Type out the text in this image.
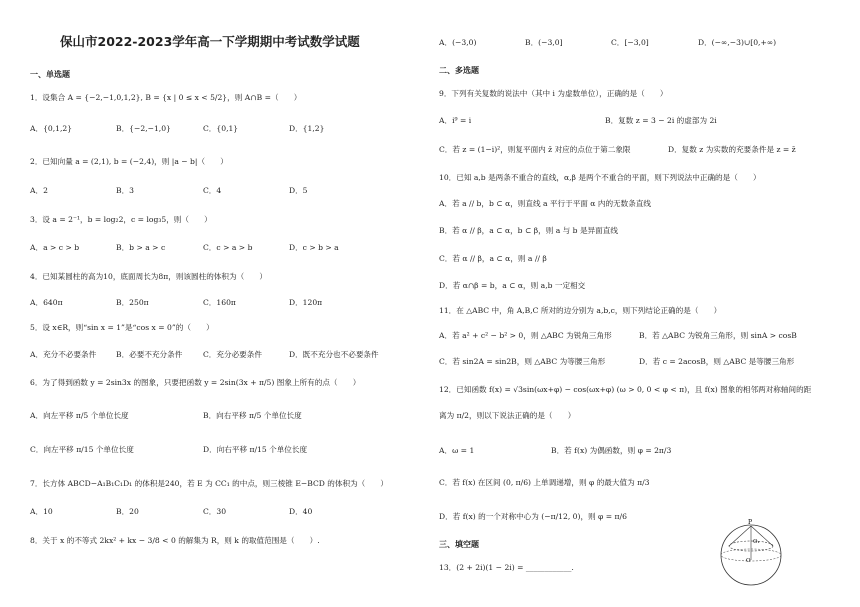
保山市2022-2023学年高一下学期期中考试数学试题
一、单选题
1．设集合 A = {−2,−1,0,1,2}, B = {x | 0 ≤ x < 5/2}，则 A∩B =（　　）
A．{0,1,2}	B．{−2,−1,0}	C．{0,1}	D．{1,2}
2．已知向量 a = (2,1), b = (−2,4)，则 |a − b|（　　）
A．2	B．3	C．4	D．5
3．设 a = 2⁻¹，b = log₂2，c = log₃5，则（　　）
A．a > c > b	B．b > a > c	C．c > a > b	D．c > b > a
4．已知某圆柱的高为10，底面周长为8π，则该圆柱的体积为（　　）
A．640π	B．250π	C．160π	D．120π
5．设 x∈R，则“sin x = 1”是“cos x = 0”的（　　）
A．充分不必要条件	B．必要不充分条件	C．充分必要条件	D．既不充分也不必要条件
6．为了得到函数 y = 2sin3x 的图象，只要把函数 y = 2sin(3x + π/5) 图象上所有的点（　　）
A．向左平移 π/5 个单位长度	B．向右平移 π/5 个单位长度
C．向左平移 π/15 个单位长度	D．向右平移 π/15 个单位长度
7．长方体 ABCD−A₁B₁C₁D₁ 的体积是240，若 E 为 CC₁ 的中点，则三棱锥 E−BCD 的体积为（　　）
A．10	B．20	C．30	D．40
8．关于 x 的不等式 2kx² + kx − 3/8 < 0 的解集为 R，则 k 的取值范围是（　　）.
A．(−3,0)	B．(−3,0]	C．[−3,0]	D．(−∞,−3)∪[0,+∞)
二、多选题
9．下列有关复数的说法中（其中 i 为虚数单位），正确的是（　　）
A．i⁹ = i	B．复数 z = 3 − 2i 的虚部为 2i
C．若 z = (1−i)²，则复平面内 z̄ 对应的点位于第二象限	D．复数 z 为实数的充要条件是 z = z̄
10．已知 a,b 是两条不重合的直线，α,β 是两个不重合的平面，则下列说法中正确的是（　　）
A．若 a // b，b ⊂ α，则直线 a 平行于平面 α 内的无数条直线
B．若 α // β，a ⊂ α，b ⊂ β，则 a 与 b 是异面直线
C．若 α // β，a ⊂ α，则 a // β
D．若 α∩β = b，a ⊂ α，则 a,b 一定相交
11．在 △ABC 中，角 A,B,C 所对的边分别为 a,b,c，则下列结论正确的是（　　）
A．若 a² + c² − b² > 0，则 △ABC 为锐角三角形	B．若 △ABC 为锐角三角形，则 sinA > cosB
C．若 sin2A = sin2B，则 △ABC 为等腰三角形	D．若 c = 2acosB，则 △ABC 是等腰三角形
12．已知函数 f(x) = √3sin(ωx+φ) − cos(ωx+φ) (ω > 0, 0 < φ < π)，且 f(x) 图象的相邻两对称轴间的距
离为 π/2，则以下说法正确的是（　　）
A．ω = 1	B．若 f(x) 为偶函数，则 φ = 2π/3
C．若 f(x) 在区间 (0, π/6) 上单调递增，则 φ 的最大值为 π/3
D．若 f(x) 的一个对称中心为 (−π/12, 0)，则 φ = π/6
三、填空题
13．(2 + 2i)(1 − 2i) = ____________.
P
O₁
O
